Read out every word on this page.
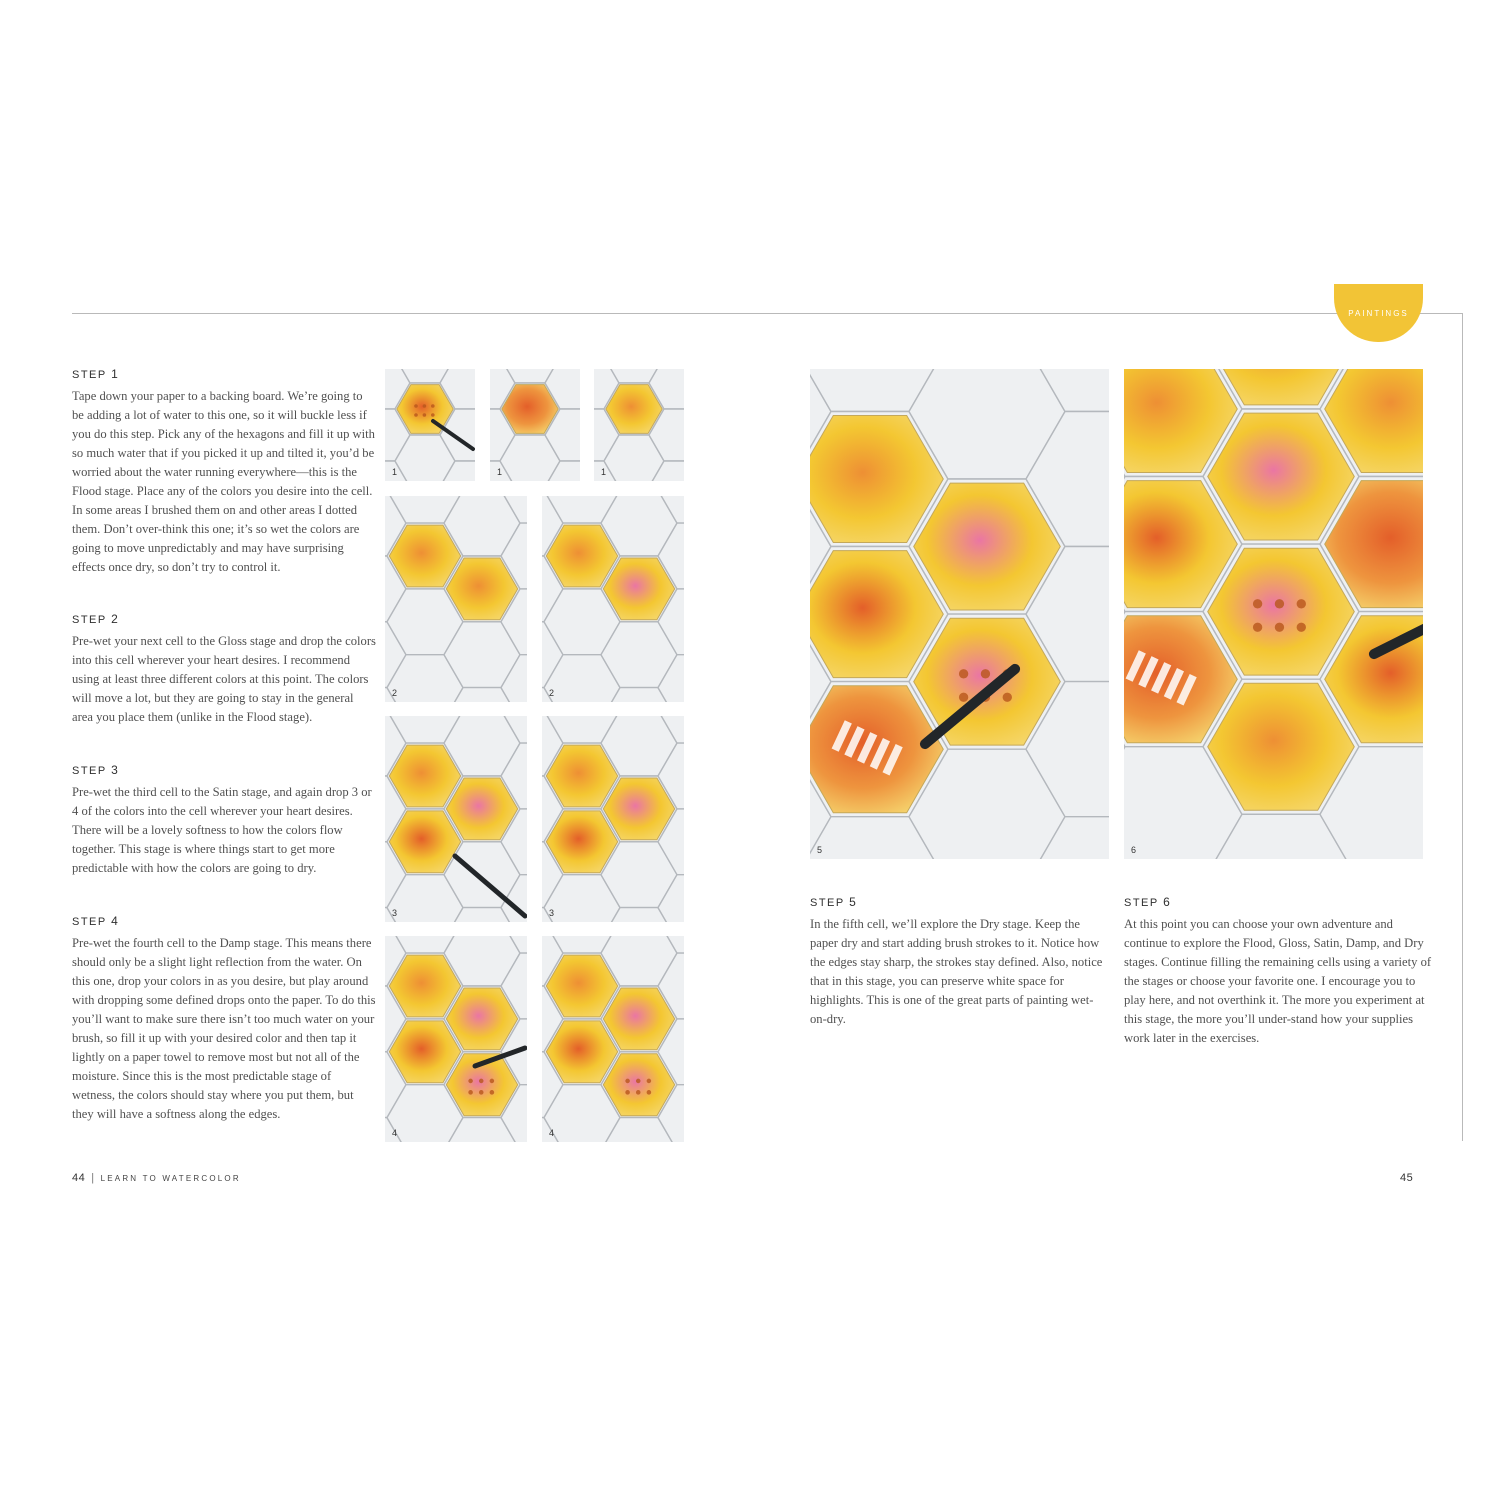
PAINTINGS

STEP 1

Tape down your paper to a backing board. We’re going to be adding a lot of water to this one, so it will buckle less if you do this step. Pick any of the hexagons and fill it up with so much water that if you picked it up and tilted it, you’d be worried about the water running everywhere—this is the Flood stage. Place any of the colors you desire into the cell. In some areas I brushed them on and other areas I dotted them. Don’t over-think this one; it’s so wet the colors are going to move unpredictably and may have surprising effects once dry, so don’t try to control it.

STEP 2

Pre-wet your next cell to the Gloss stage and drop the colors into this cell wherever your heart desires. I recommend using at least three different colors at this point. The colors will move a lot, but they are going to stay in the general area you place them (unlike in the Flood stage).

STEP 3

Pre-wet the third cell to the Satin stage, and again drop 3 or 4 of the colors into the cell wherever your heart desires. There will be a lovely softness to how the colors flow together. This stage is where things start to get more predictable with how the colors are going to dry.

STEP 4

Pre-wet the fourth cell to the Damp stage. This means there should only be a slight light reflection from the water. On this one, drop your colors in as you desire, but play around with dropping some defined drops onto the paper. To do this you’ll want to make sure there isn’t too much water on your brush, so fill it up with your desired color and then tap it lightly on a paper towel to remove most but not all of the moisture. Since this is the most predictable stage of wetness, the colors should stay where you put them, but they will have a softness along the edges.

1	1	1
2	2
3	3
4	4
5	6

STEP 5

In the fifth cell, we’ll explore the Dry stage. Keep the paper dry and start adding brush strokes to it. Notice how the edges stay sharp, the strokes stay defined. Also, notice that in this stage, you can preserve white space for highlights. This is one of the great parts of painting wet-on-dry.

STEP 6

At this point you can choose your own adventure and continue to explore the Flood, Gloss, Satin, Damp, and Dry stages. Continue filling the remaining cells using a variety of the stages or choose your favorite one. I encourage you to play here, and not overthink it. The more you experiment at this stage, the more you’ll under-stand how your supplies work later in the exercises.

44 | LEARN TO WATERCOLOR	45
